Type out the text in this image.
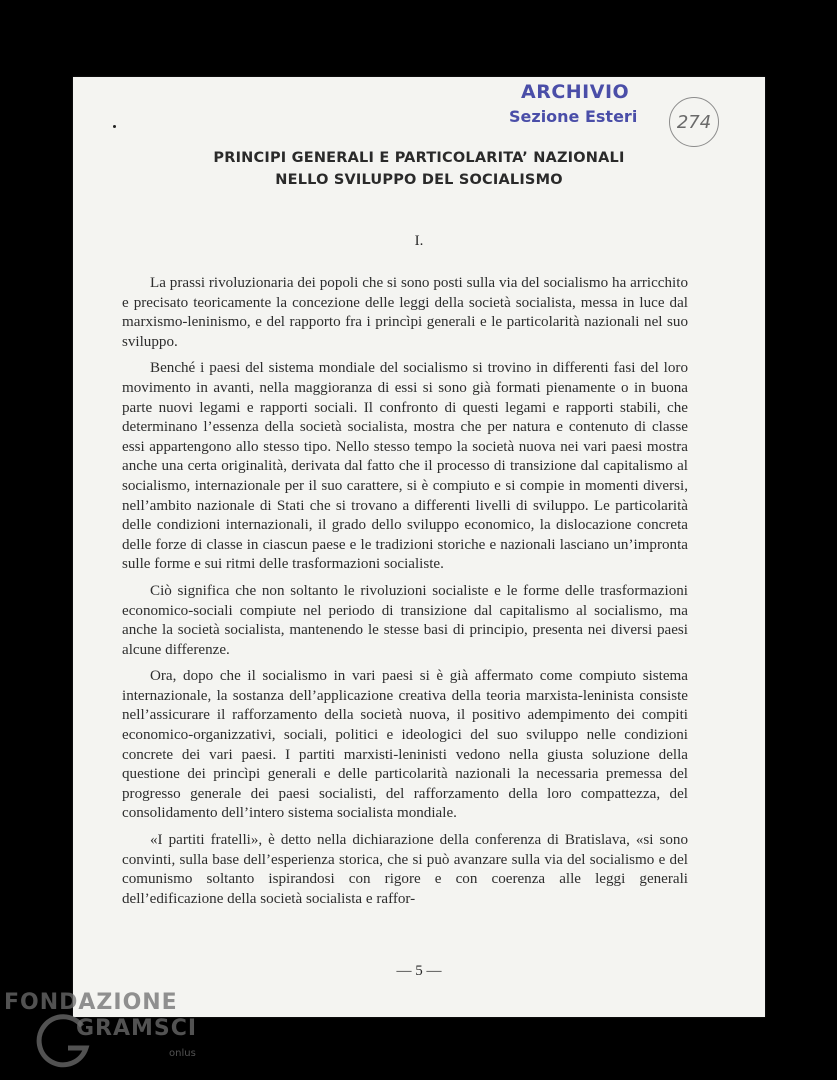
ARCHIVIO
Sezione Esteri	274
PRINCIPI GENERALI E PARTICOLARITA’ NAZIONALI
NELLO SVILUPPO DEL SOCIALISMO
I.

La prassi rivoluzionaria dei popoli che si sono posti sulla via del socialismo ha arricchito e precisato teoricamente la concezione delle leggi della società socialista, messa in luce dal marxismo-leninismo, e del rapporto fra i princìpi generali e le particolarità nazionali nel suo sviluppo.

Benché i paesi del sistema mondiale del socialismo si trovino in differenti fasi del loro movimento in avanti, nella maggioranza di essi si sono già formati pienamente o in buona parte nuovi legami e rapporti sociali. Il confronto di questi legami e rapporti stabili, che determinano l’essenza della società socialista, mostra che per natura e contenuto di classe essi appartengono allo stesso tipo. Nello stesso tempo la società nuova nei vari paesi mostra anche una certa originalità, derivata dal fatto che il processo di transizione dal capitalismo al socialismo, internazionale per il suo carattere, si è compiuto e si compie in momenti diversi, nell’ambito nazionale di Stati che si trovano a differenti livelli di sviluppo. Le particolarità delle condizioni internazionali, il grado dello sviluppo economico, la dislocazione concreta delle forze di classe in ciascun paese e le tradizioni storiche e nazionali lasciano un’impronta sulle forme e sui ritmi delle trasformazioni socialiste.

Ciò significa che non soltanto le rivoluzioni socialiste e le forme delle trasformazioni economico-sociali compiute nel periodo di transizione dal capitalismo al socialismo, ma anche la società socialista, mantenendo le stesse basi di principio, presenta nei diversi paesi alcune differenze.

Ora, dopo che il socialismo in vari paesi si è già affermato come compiuto sistema internazionale, la sostanza dell’applicazione creativa della teoria marxista-leninista consiste nell’assicurare il rafforzamento della società nuova, il positivo adempimento dei compiti economico-organizzativi, sociali, politici e ideologici del suo sviluppo nelle condizioni concrete dei vari paesi. I partiti marxisti-leninisti vedono nella giusta soluzione della questione dei princìpi generali e delle particolarità nazionali la necessaria premessa del progresso generale dei paesi socialisti, del rafforzamento della loro compattezza, del consolidamento dell’intero sistema socialista mondiale.

«I partiti fratelli», è detto nella dichiarazione della conferenza di Bratislava, «si sono convinti, sulla base dell’esperienza storica, che si può avanzare sulla via del socialismo e del comunismo soltanto ispirandosi con rigore e con coerenza alle leggi generali dell’edificazione della società socialista e raffor-

— 5 —
FONDAZIONE
GRAMSCI
onlus
